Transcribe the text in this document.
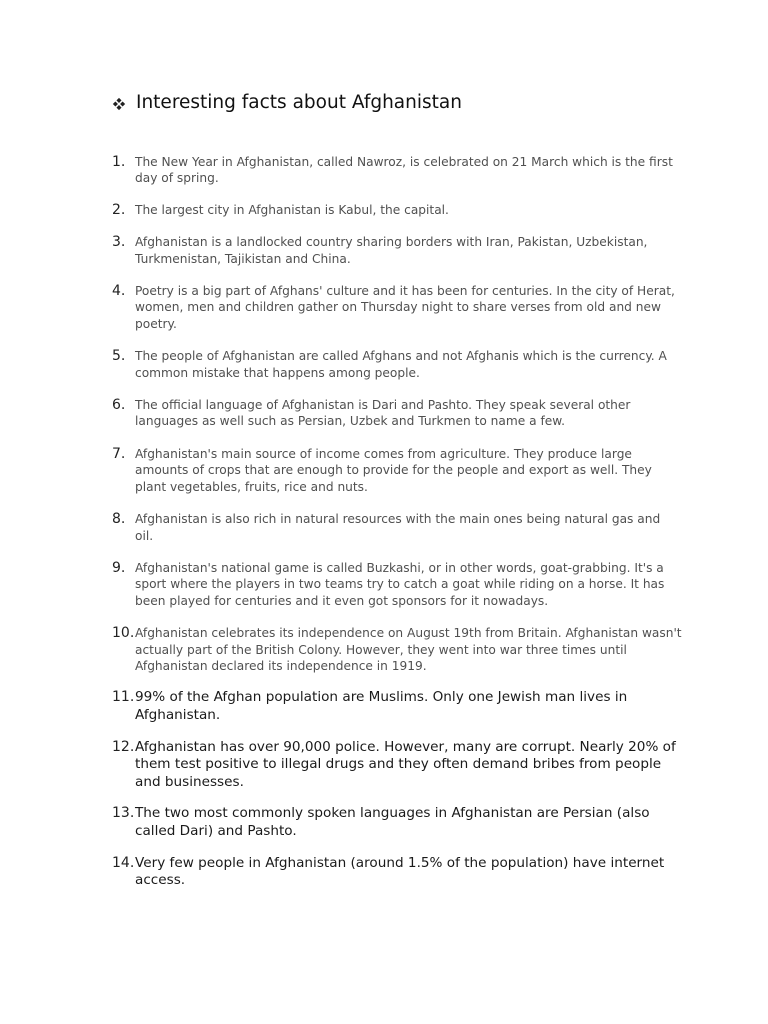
Interesting facts about Afghanistan
1. The New Year in Afghanistan, called Nawroz, is celebrated on 21 March which is the first day of spring.
2. The largest city in Afghanistan is Kabul, the capital.
3. Afghanistan is a landlocked country sharing borders with Iran, Pakistan, Uzbekistan, Turkmenistan, Tajikistan and China.
4. Poetry is a big part of Afghans' culture and it has been for centuries. In the city of Herat, women, men and children gather on Thursday night to share verses from old and new poetry.
5. The people of Afghanistan are called Afghans and not Afghanis which is the currency. A common mistake that happens among people.
6. The official language of Afghanistan is Dari and Pashto. They speak several other languages as well such as Persian, Uzbek and Turkmen to name a few.
7. Afghanistan's main source of income comes from agriculture. They produce large amounts of crops that are enough to provide for the people and export as well. They plant vegetables, fruits, rice and nuts.
8. Afghanistan is also rich in natural resources with the main ones being natural gas and oil.
9. Afghanistan's national game is called Buzkashi, or in other words, goat-grabbing. It's a sport where the players in two teams try to catch a goat while riding on a horse. It has been played for centuries and it even got sponsors for it nowadays.
10. Afghanistan celebrates its independence on August 19th from Britain. Afghanistan wasn't actually part of the British Colony. However, they went into war three times until Afghanistan declared its independence in 1919.
11. 99% of the Afghan population are Muslims. Only one Jewish man lives in Afghanistan.
12. Afghanistan has over 90,000 police. However, many are corrupt. Nearly 20% of them test positive to illegal drugs and they often demand bribes from people and businesses.
13. The two most commonly spoken languages in Afghanistan are Persian (also called Dari) and Pashto.
14. Very few people in Afghanistan (around 1.5% of the population) have internet access.
